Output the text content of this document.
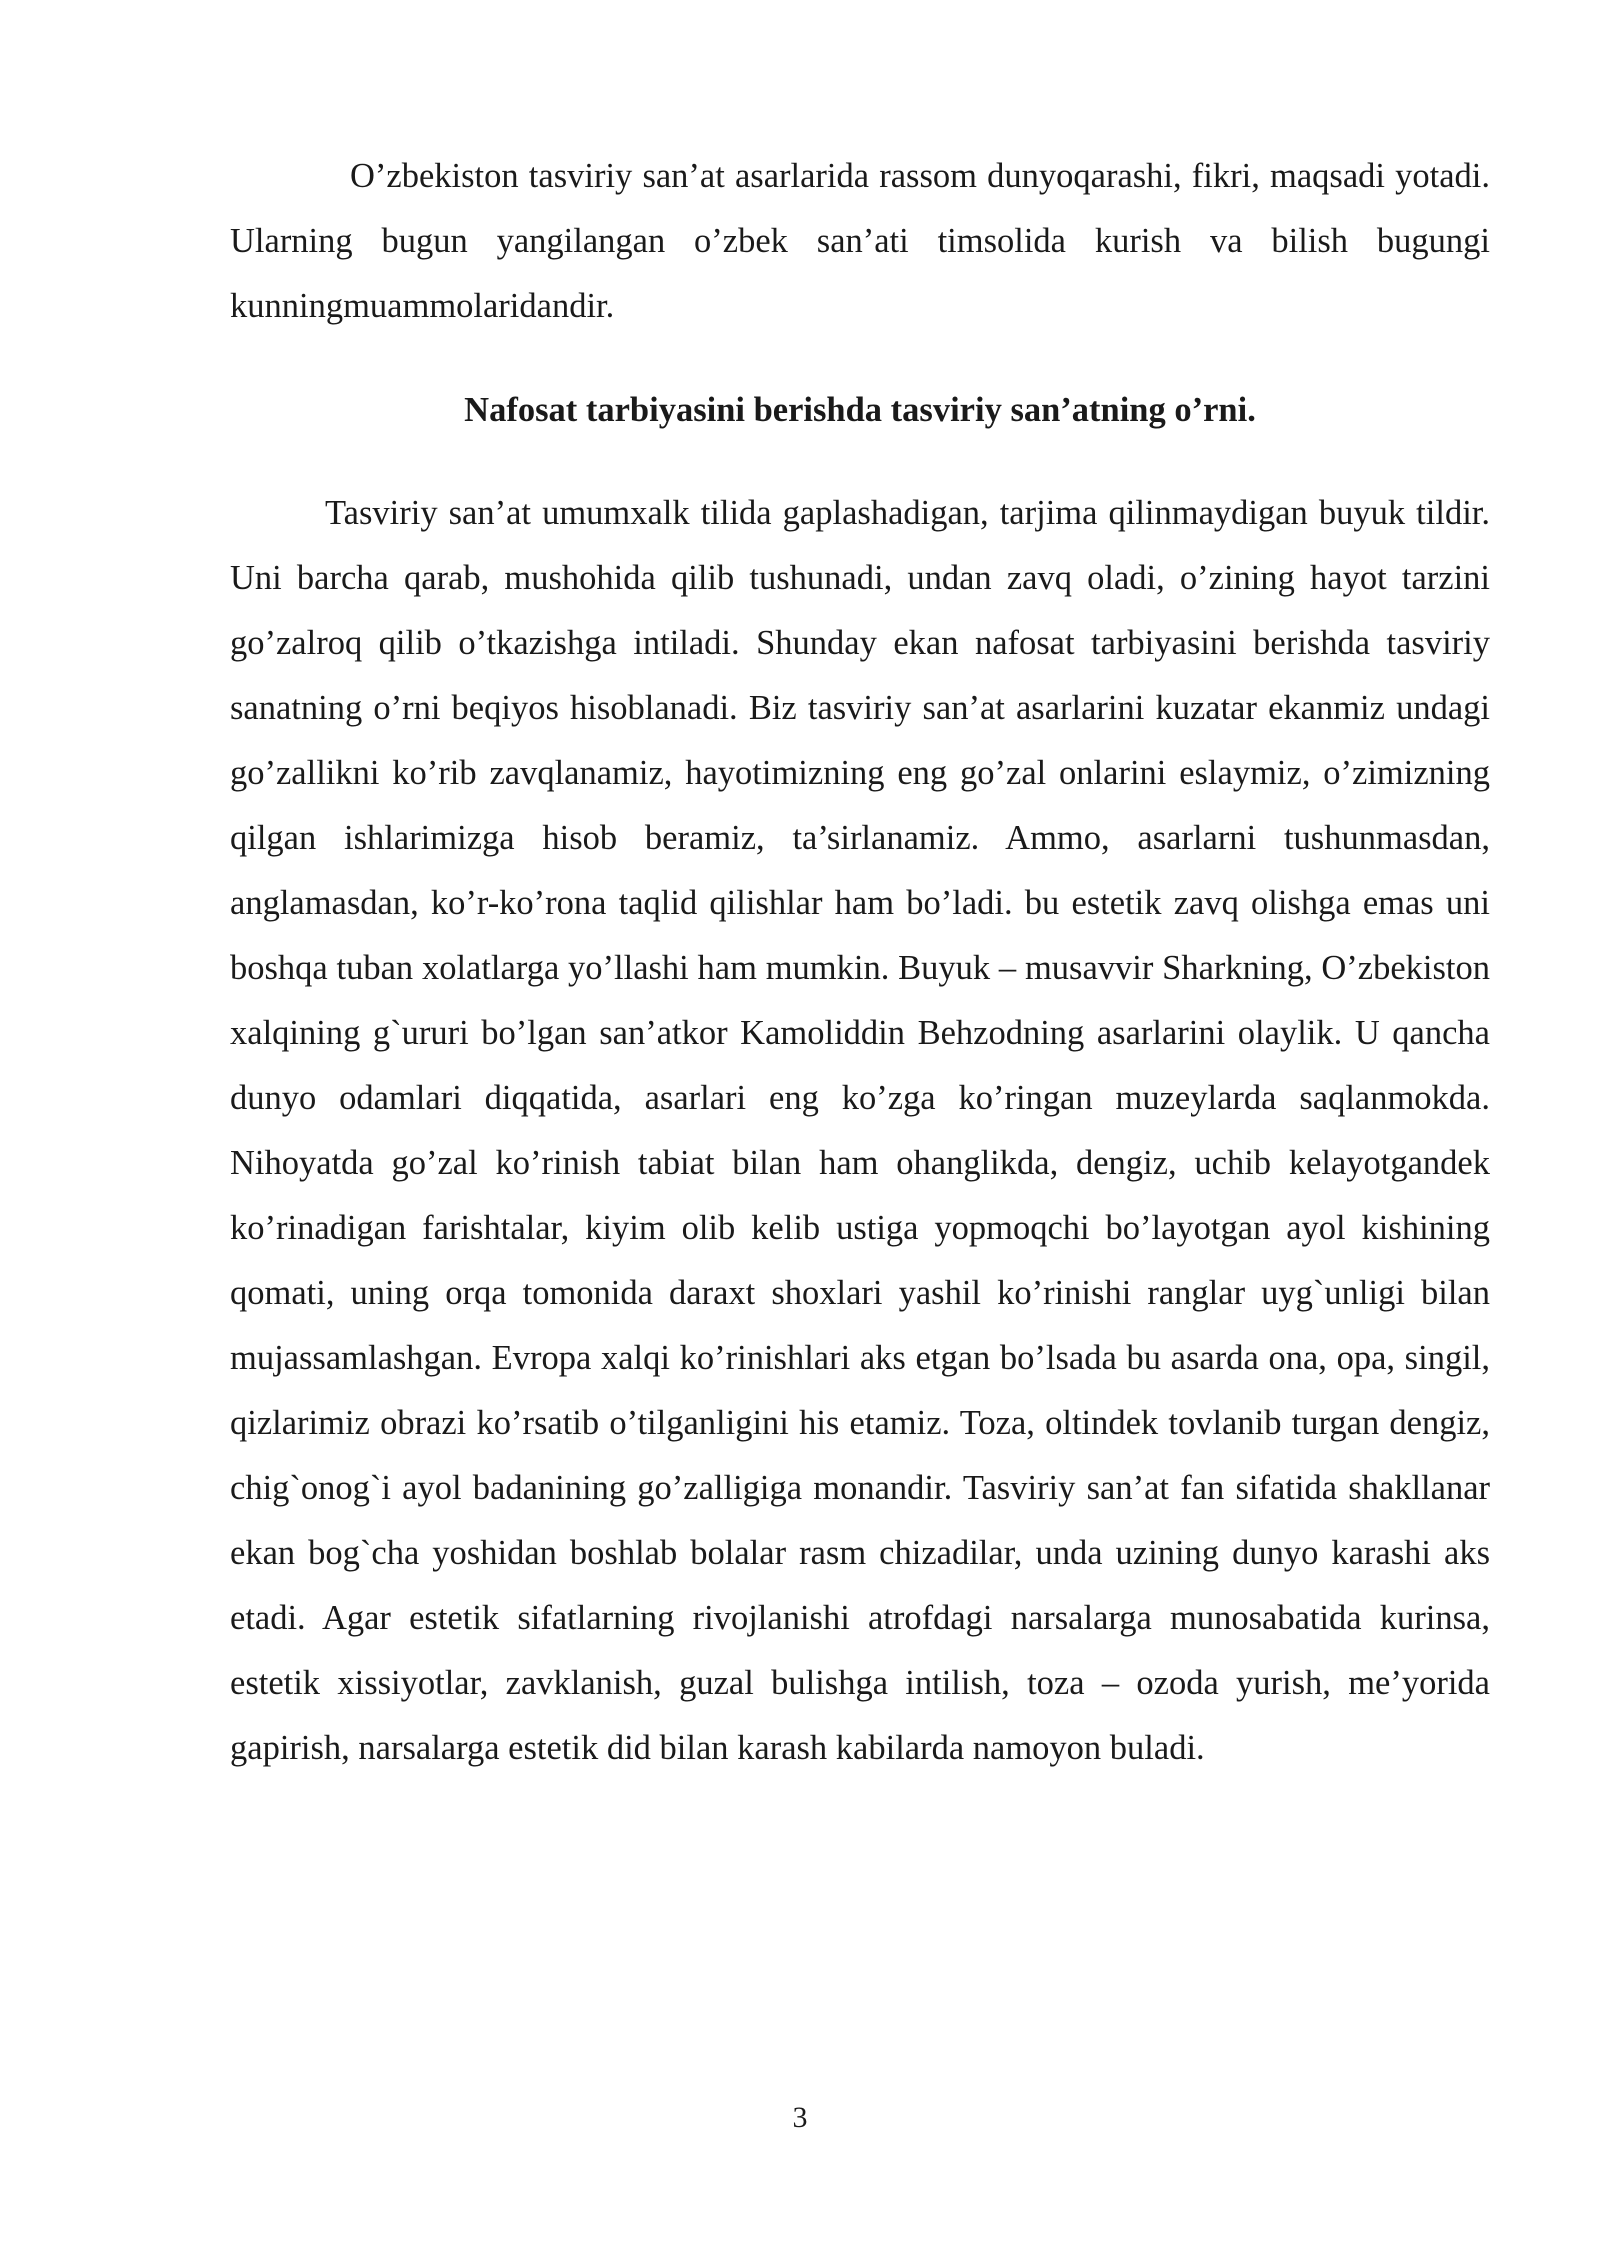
O’zbekiston tasviriy san’at asarlarida rassom dunyoqarashi, fikri, maqsadi yotadi. Ularning bugun yangilangan o’zbek san’ati timsolida kurish va bilish bugungi kunningmuammolaridandir.

Nafosat tarbiyasini berishda tasviriy san’atning o’rni.

Tasviriy san’at umumxalk tilida gaplashadigan, tarjima qilinmaydigan buyuk tildir. Uni barcha qarab, mushohida qilib tushunadi, undan zavq oladi, o’zining hayot tarzini go’zalroq qilib o’tkazishga intiladi. Shunday ekan nafosat tarbiyasini berishda tasviriy sanatning o’rni beqiyos hisoblanadi. Biz tasviriy san’at asarlarini kuzatar ekanmiz undagi go’zallikni ko’rib zavqlanamiz, hayotimizning eng go’zal onlarini eslaymiz, o’zimizning qilgan ishlarimizga hisob beramiz, ta’sirlanamiz. Ammo, asarlarni tushunmasdan, anglamasdan, ko’r-ko’rona taqlid qilishlar ham bo’ladi. bu estetik zavq olishga emas uni boshqa tuban xolatlarga yo’llashi ham mumkin. Buyuk – musavvir Sharkning, O’zbekiston xalqining g`ururi bo’lgan san’atkor Kamoliddin Behzodning asarlarini olaylik. U qancha dunyo odamlari diqqatida, asarlari eng ko’zga ko’ringan muzeylarda saqlanmokda. Nihoyatda go’zal ko’rinish tabiat bilan ham ohanglikda, dengiz, uchib kelayotgandek ko’rinadigan farishtalar, kiyim olib kelib ustiga yopmoqchi bo’layotgan ayol kishining qomati, uning orqa tomonida daraxt shoxlari yashil ko’rinishi ranglar uyg`unligi bilan mujassamlashgan. Evropa xalqi ko’rinishlari aks etgan bo’lsada bu asarda ona, opa, singil, qizlarimiz obrazi ko’rsatib o’tilganligini his etamiz. Toza, oltindek tovlanib turgan dengiz, chig`onog`i ayol badanining go’zalligiga monandir. Tasviriy san’at fan sifatida shakllanar ekan bog`cha yoshidan boshlab bolalar rasm chizadilar, unda uzining dunyo karashi aks etadi. Agar estetik sifatlarning rivojlanishi atrofdagi narsalarga munosabatida kurinsa, estetik xissiyotlar, zavklanish, guzal bulishga intilish, toza – ozoda yurish, me’yorida gapirish, narsalarga estetik did bilan karash kabilarda namoyon buladi.

3
